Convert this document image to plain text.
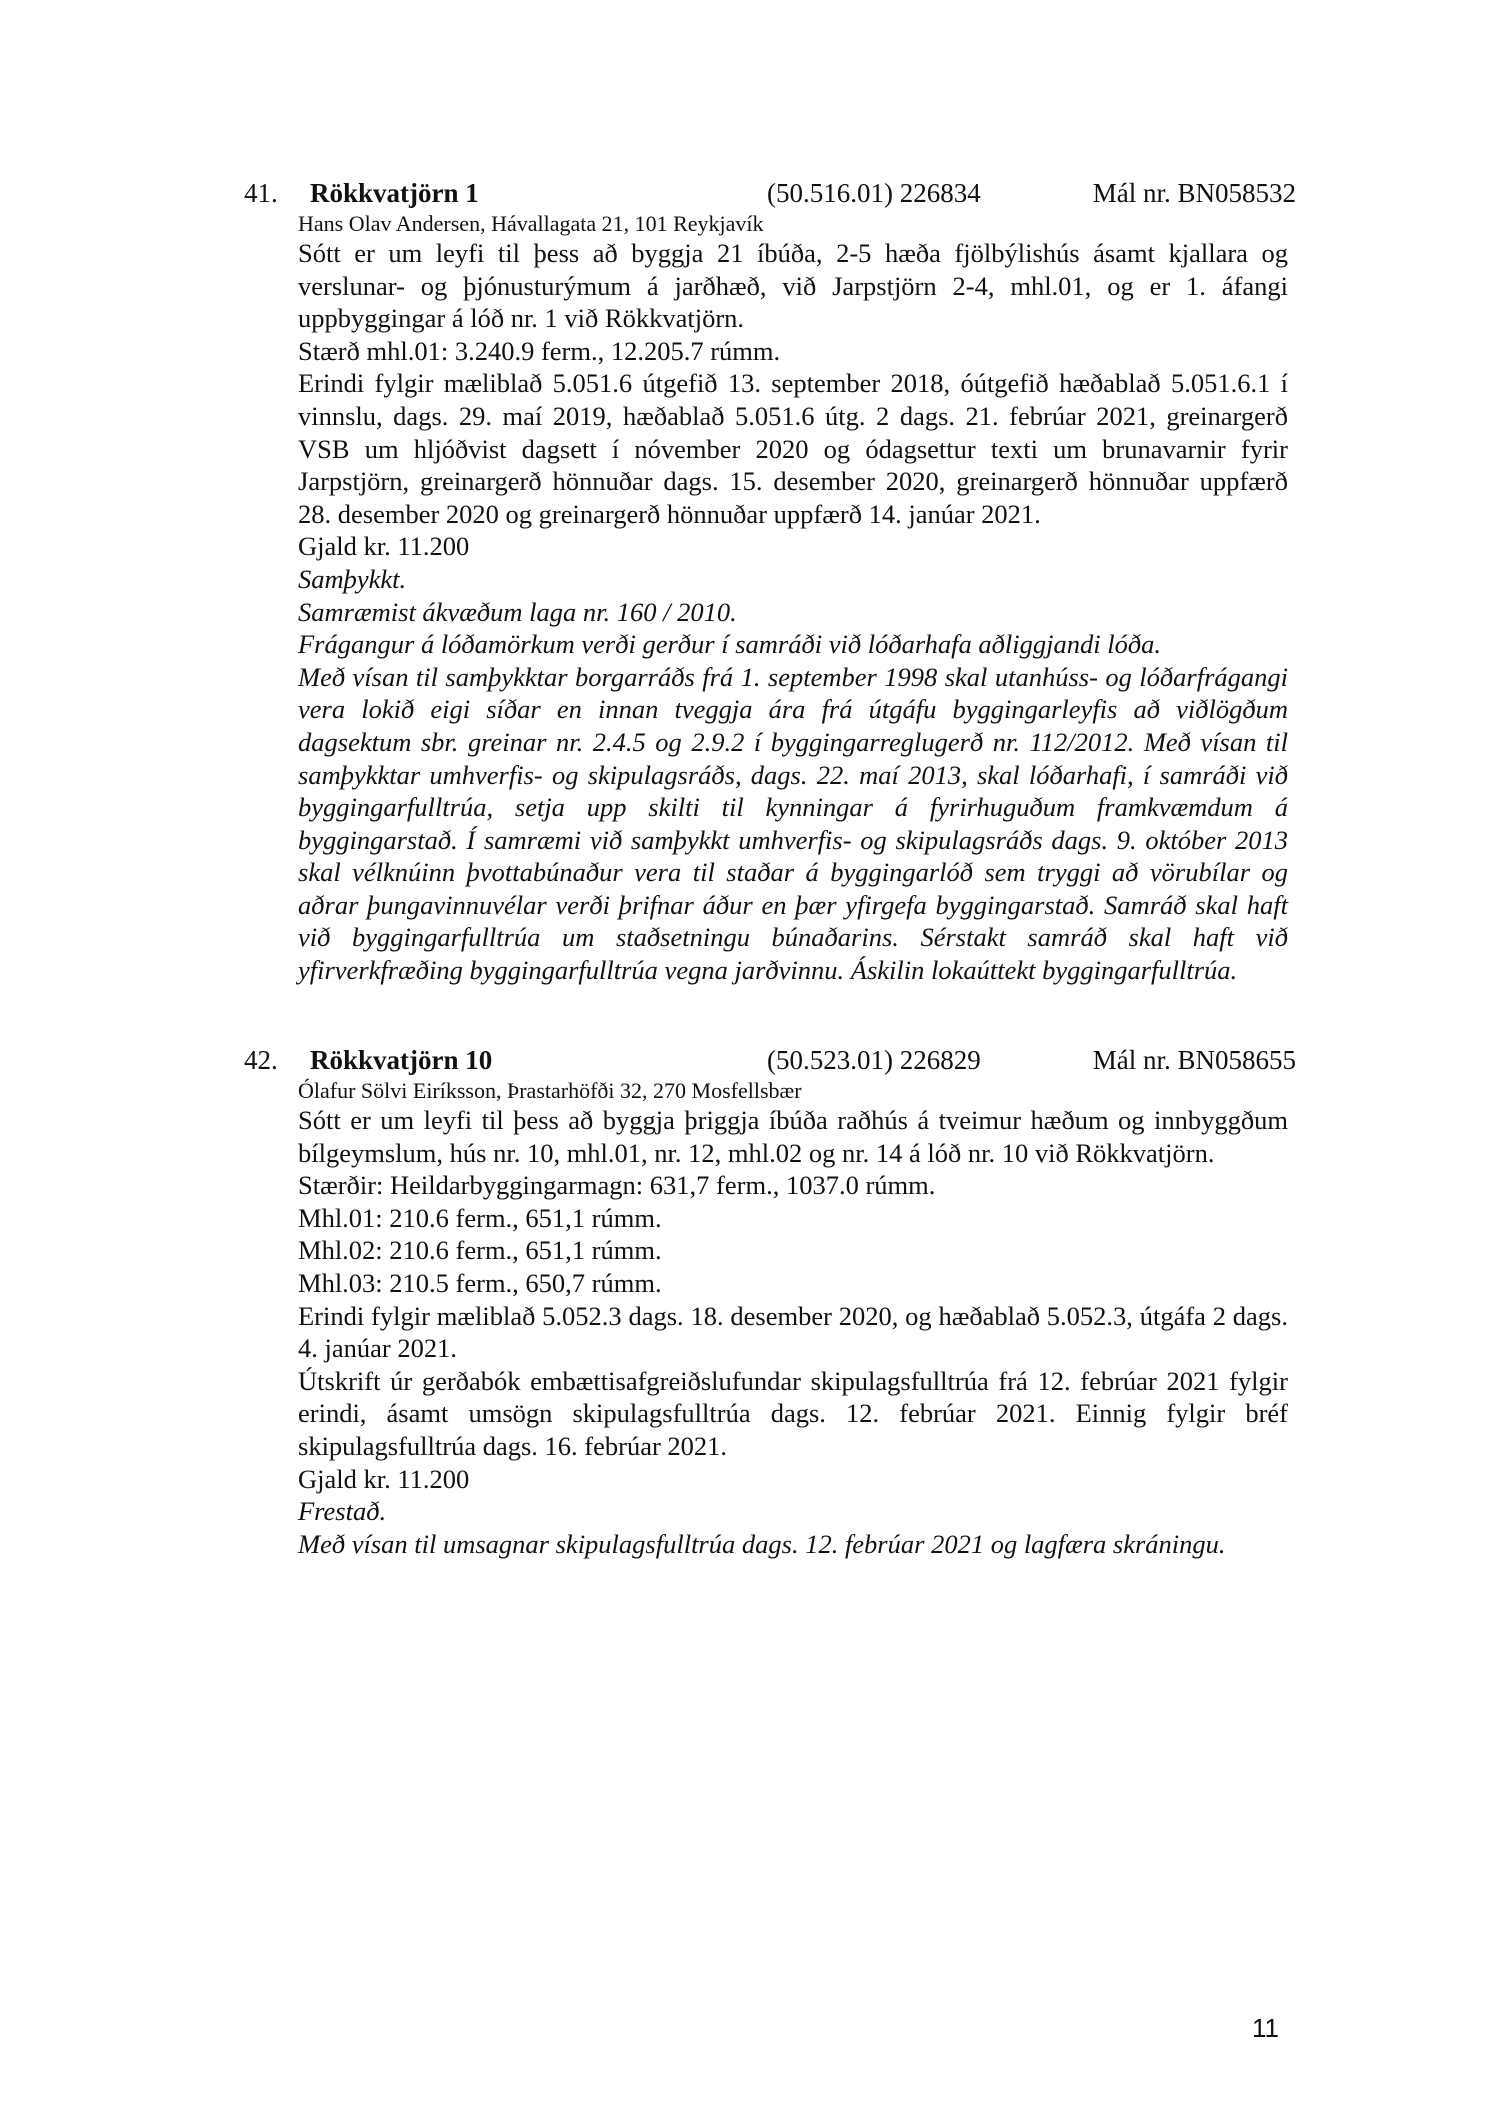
41. Rökkvatjörn 1	(50.516.01) 226834	Mál nr. BN058532
Hans Olav Andersen, Hávallagata 21, 101 Reykjavík
Sótt er um leyfi til þess að byggja 21 íbúða, 2-5 hæða fjölbýlishús ásamt kjallara og verslunar- og þjónusturýmum á jarðhæð, við Jarpstjörn 2-4, mhl.01, og er 1. áfangi uppbyggingar á lóð nr. 1 við Rökkvatjörn.
Stærð mhl.01: 3.240.9 ferm., 12.205.7 rúmm.
Erindi fylgir mæliblað 5.051.6 útgefið 13. september 2018, óútgefið hæðablað 5.051.6.1 í vinnslu, dags. 29. maí 2019, hæðablað 5.051.6 útg. 2 dags. 21. febrúar 2021, greinargerð VSB um hljóðvist dagsett í nóvember 2020 og ódagsettur texti um brunavarnir fyrir Jarpstjörn, greinargerð hönnuðar dags. 15. desember 2020, greinargerð hönnuðar uppfærð 28. desember 2020 og greinargerð hönnuðar uppfærð 14. janúar 2021.
Gjald kr. 11.200
Samþykkt.
Samræmist ákvæðum laga nr. 160 / 2010.
Frágangur á lóðamörkum verði gerður í samráði við lóðarhafa aðliggjandi lóða.
Með vísan til samþykktar borgarráðs frá 1. september 1998 skal utanhúss- og lóðarfrágangi vera lokið eigi síðar en innan tveggja ára frá útgáfu byggingarleyfis að viðlögðum dagsektum sbr. greinar nr. 2.4.5 og 2.9.2 í byggingarreglugerð nr. 112/2012. Með vísan til samþykktar umhverfis- og skipulagsráðs, dags. 22. maí 2013, skal lóðarhafi, í samráði við byggingarfulltrúa, setja upp skilti til kynningar á fyrirhuguðum framkvæmdum á byggingarstað. Í samræmi við samþykkt umhverfis- og skipulagsráðs dags. 9. október 2013 skal vélknúinn þvottabúnaður vera til staðar á byggingarlóð sem tryggi að vörubílar og aðrar þungavinnuvélar verði þrifnar áður en þær yfirgefa byggingarstað. Samráð skal haft við byggingarfulltrúa um staðsetningu búnaðarins. Sérstakt samráð skal haft við yfirverkfræðing byggingarfulltrúa vegna jarðvinnu. Áskilin lokaúttekt byggingarfulltrúa.
42. Rökkvatjörn 10	(50.523.01) 226829	Mál nr. BN058655
Ólafur Sölvi Eiríksson, Þrastarhöfði 32, 270 Mosfellsbær
Sótt er um leyfi til þess að byggja þriggja íbúða raðhús á tveimur hæðum og innbyggðum bílgeymslum, hús nr. 10, mhl.01, nr. 12, mhl.02 og nr. 14 á lóð nr. 10 við Rökkvatjörn.
Stærðir: Heildarbyggingarmagn: 631,7 ferm., 1037.0 rúmm.
Mhl.01: 210.6 ferm., 651,1 rúmm.
Mhl.02: 210.6 ferm., 651,1 rúmm.
Mhl.03: 210.5 ferm., 650,7 rúmm.
Erindi fylgir mæliblað 5.052.3 dags. 18. desember 2020, og hæðablað 5.052.3, útgáfa 2 dags. 4. janúar 2021.
Útskrift úr gerðabók embættisafgreiðslufundar skipulagsfulltrúa frá 12. febrúar 2021 fylgir erindi, ásamt umsögn skipulagsfulltrúa dags. 12. febrúar 2021. Einnig fylgir bréf skipulagsfulltrúa dags. 16. febrúar 2021.
Gjald kr. 11.200
Frestað.
Með vísan til umsagnar skipulagsfulltrúa dags. 12. febrúar 2021 og lagfæra skráningu.
11
